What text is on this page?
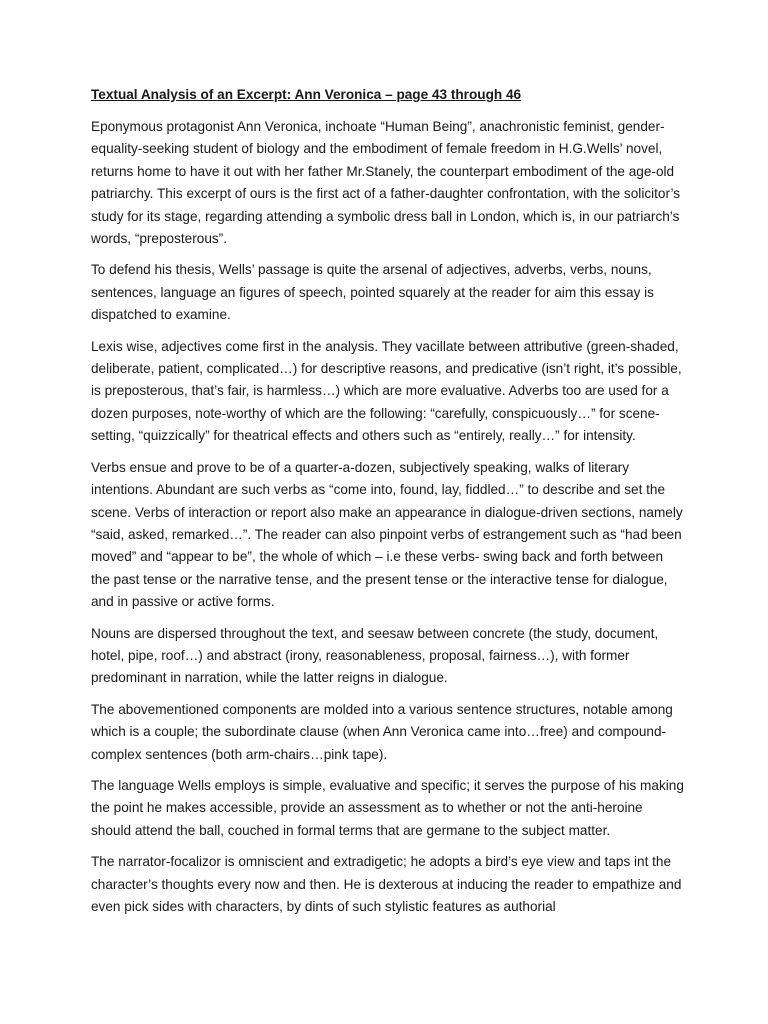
Textual Analysis of an Excerpt: Ann Veronica – page 43 through 46

Eponymous protagonist Ann Veronica, inchoate “Human Being”, anachronistic feminist, gender-equality-seeking student of biology and the embodiment of female freedom in H.G.Wells’ novel, returns home to have it out with her father Mr.Stanely, the counterpart embodiment of the age-old patriarchy. This excerpt of ours is the first act of a father-daughter confrontation, with the solicitor’s study for its stage, regarding attending a symbolic dress ball in London, which is, in our patriarch’s words, “preposterous”.

To defend his thesis, Wells’ passage is quite the arsenal of adjectives, adverbs, verbs, nouns, sentences, language an figures of speech, pointed squarely at the reader for aim this essay is dispatched to examine.

Lexis wise, adjectives come first in the analysis. They vacillate between attributive (green-shaded, deliberate, patient, complicated…) for descriptive reasons, and predicative (isn’t right, it’s possible, is preposterous, that’s fair, is harmless…) which are more evaluative. Adverbs too are used for a dozen purposes, note-worthy of which are the following: “carefully, conspicuously…” for scene-setting, “quizzically” for theatrical effects and others such as “entirely, really…” for intensity.

Verbs ensue and prove to be of a quarter-a-dozen, subjectively speaking, walks of literary intentions. Abundant are such verbs as “come into, found, lay, fiddled…” to describe and set the scene. Verbs of interaction or report also make an appearance in dialogue-driven sections, namely “said, asked, remarked…”. The reader can also pinpoint verbs of estrangement such as “had been moved” and “appear to be”, the whole of which – i.e these verbs- swing back and forth between the past tense or the narrative tense, and the present tense or the interactive tense for dialogue, and in passive or active forms.

Nouns are dispersed throughout the text, and seesaw between concrete (the study, document, hotel, pipe, roof…) and abstract (irony, reasonableness, proposal, fairness…), with former predominant in narration, while the latter reigns in dialogue.

The abovementioned components are molded into a various sentence structures, notable among which is a couple; the subordinate clause (when Ann Veronica came into…free) and compound-complex sentences (both arm-chairs…pink tape).

The language Wells employs is simple, evaluative and specific; it serves the purpose of his making the point he makes accessible, provide an assessment as to whether or not the anti-heroine should attend the ball, couched in formal terms that are germane to the subject matter.

The narrator-focalizor is omniscient and extradigetic; he adopts a bird’s eye view and taps int the character’s thoughts every now and then. He is dexterous at inducing the reader to empathize and even pick sides with characters, by dints of such stylistic features as authorial
